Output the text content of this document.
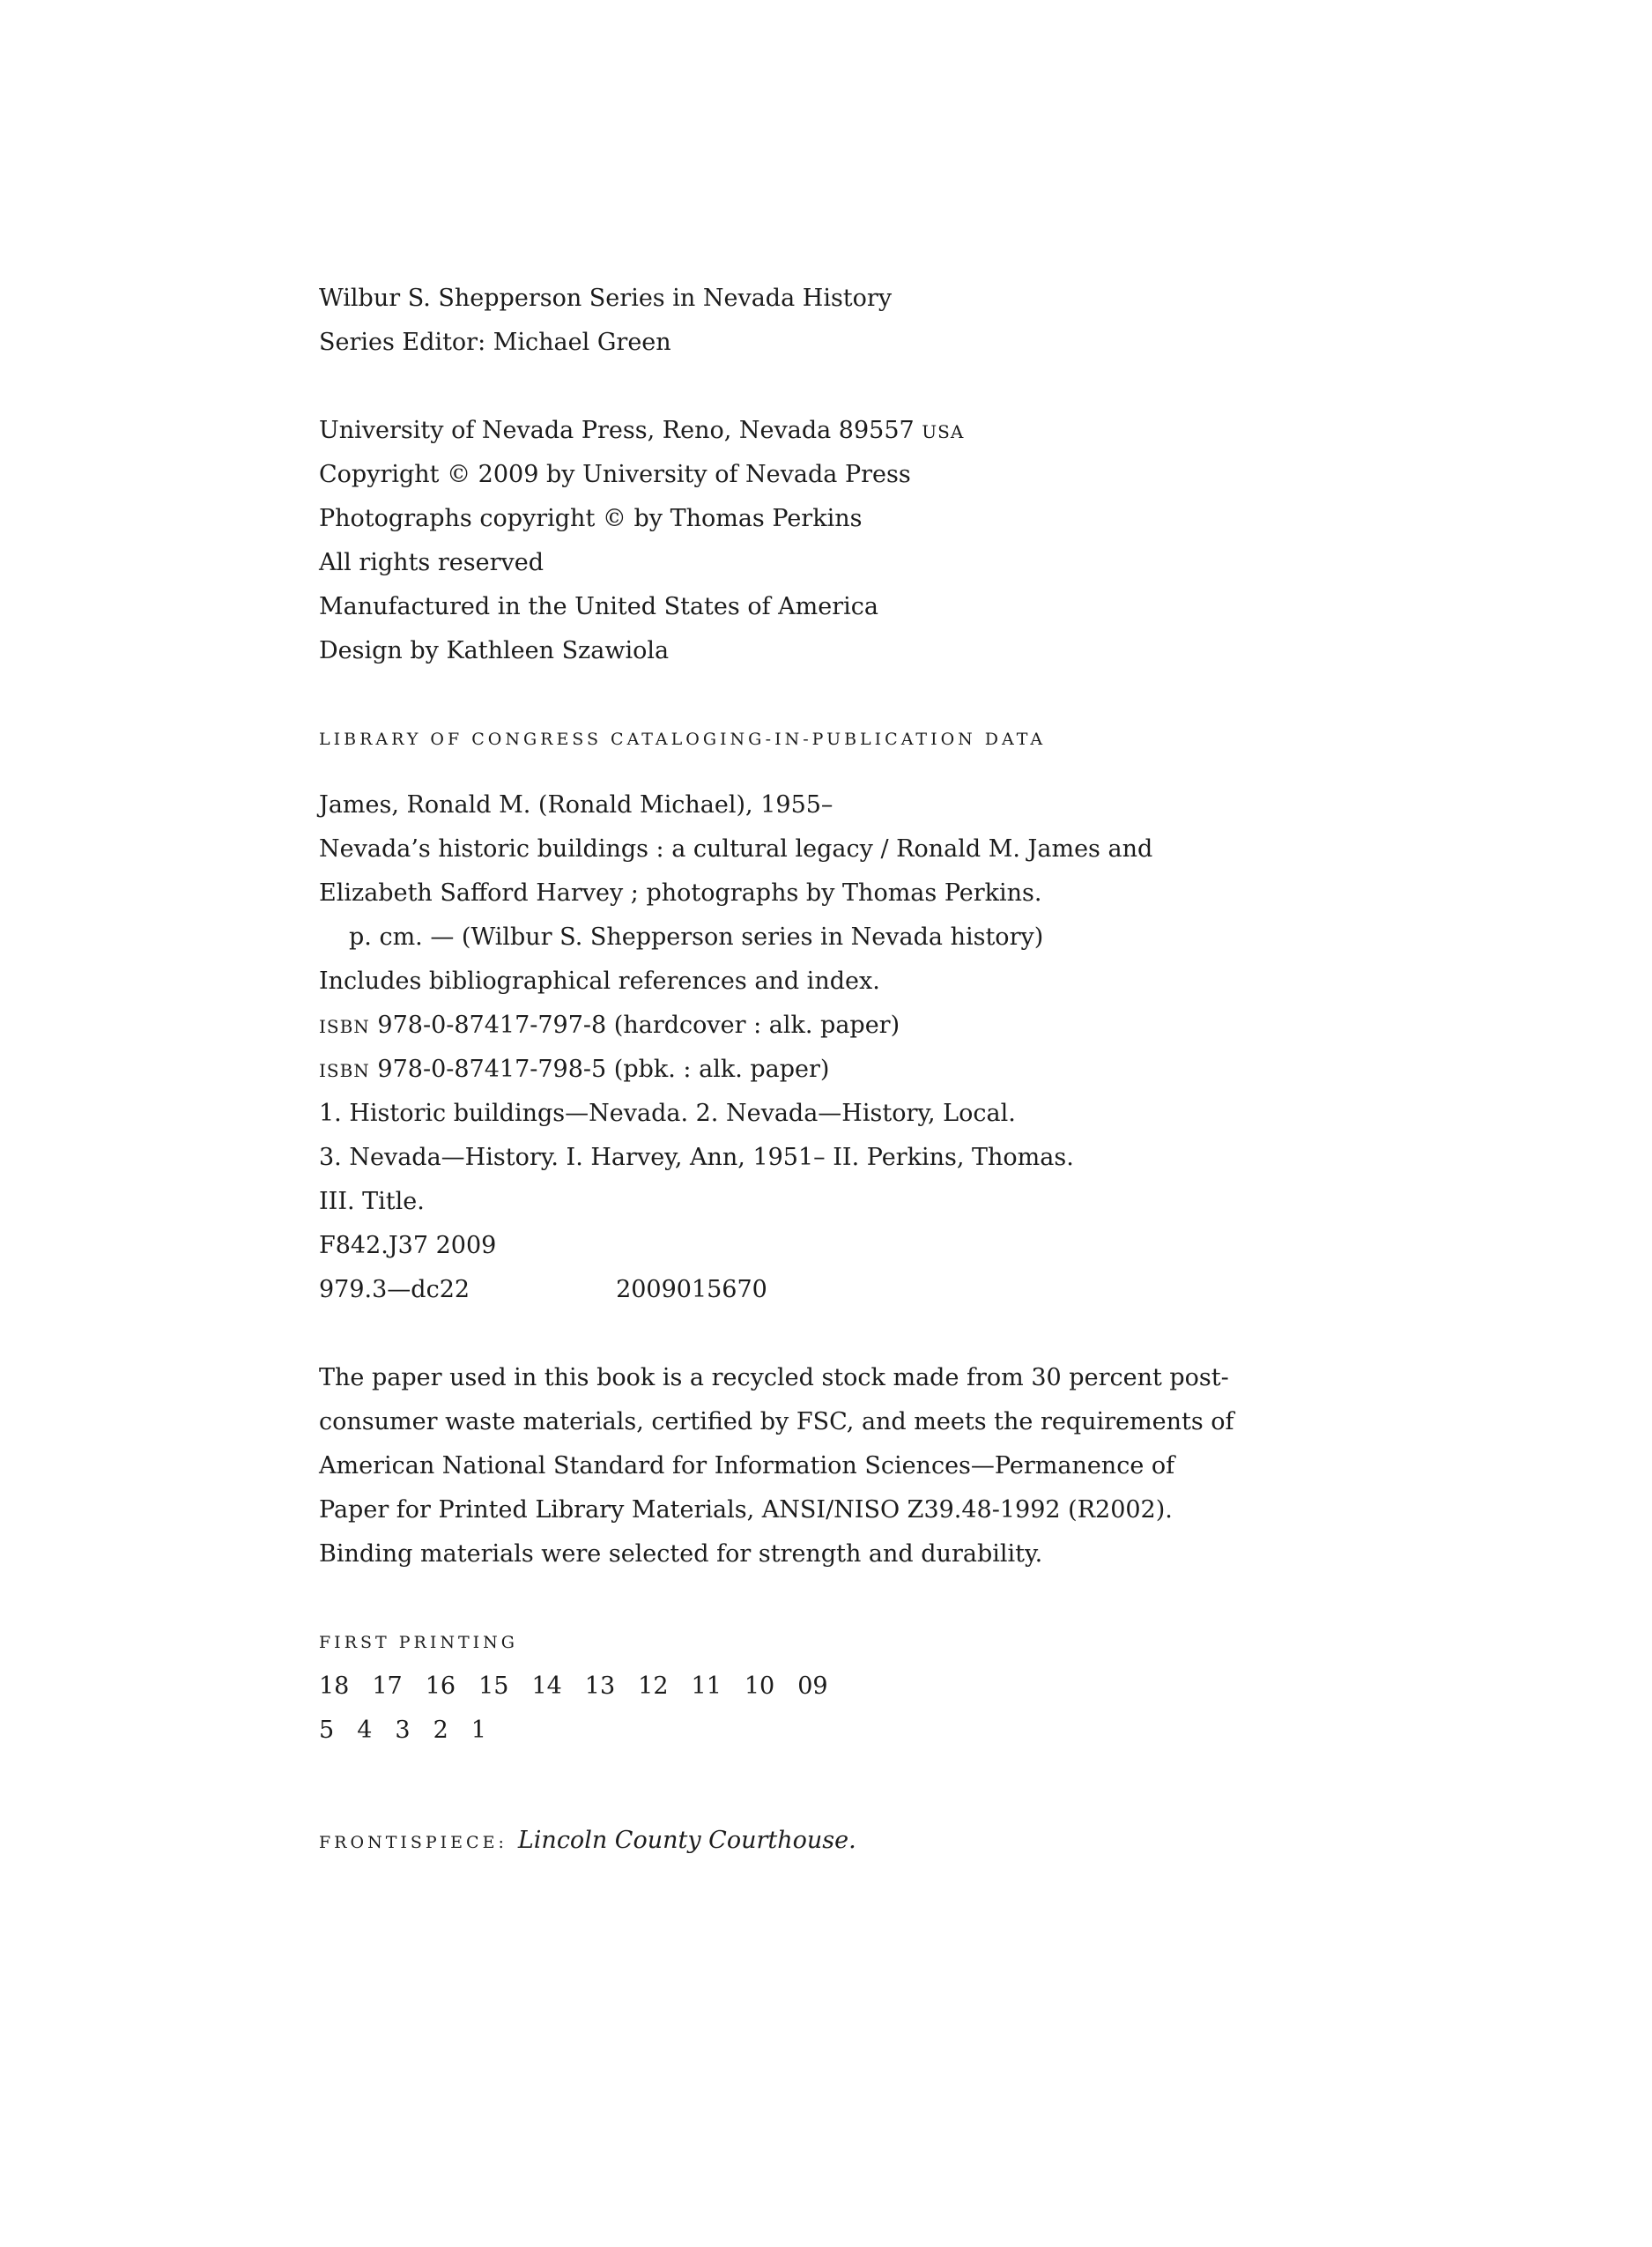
Wilbur S. Shepperson Series in Nevada History
Series Editor: Michael Green
University of Nevada Press, Reno, Nevada 89557 USA
Copyright © 2009 by University of Nevada Press
Photographs copyright © by Thomas Perkins
All rights reserved
Manufactured in the United States of America
Design by Kathleen Szawiola
LIBRARY OF CONGRESS CATALOGING-IN-PUBLICATION DATA
James, Ronald M. (Ronald Michael), 1955–
Nevada’s historic buildings : a cultural legacy / Ronald M. James and
Elizabeth Safford Harvey ; photographs by Thomas Perkins.
p. cm. — (Wilbur S. Shepperson series in Nevada history)
Includes bibliographical references and index.
ISBN 978-0-87417-797-8 (hardcover : alk. paper)
ISBN 978-0-87417-798-5 (pbk. : alk. paper)
1. Historic buildings—Nevada. 2. Nevada—History, Local.
3. Nevada—History. I. Harvey, Ann, 1951– II. Perkins, Thomas.
III. Title.
F842.J37 2009
979.3—dc22	2009015670
The paper used in this book is a recycled stock made from 30 percent post-
consumer waste materials, certified by FSC, and meets the requirements of
American National Standard for Information Sciences—Permanence of
Paper for Printed Library Materials, ANSI/NISO Z39.48-1992 (R2002).
Binding materials were selected for strength and durability.
FIRST PRINTING
18 17 16 15 14 13 12 11 10 09
5 4 3 2 1
FRONTISPIECE: Lincoln County Courthouse.
